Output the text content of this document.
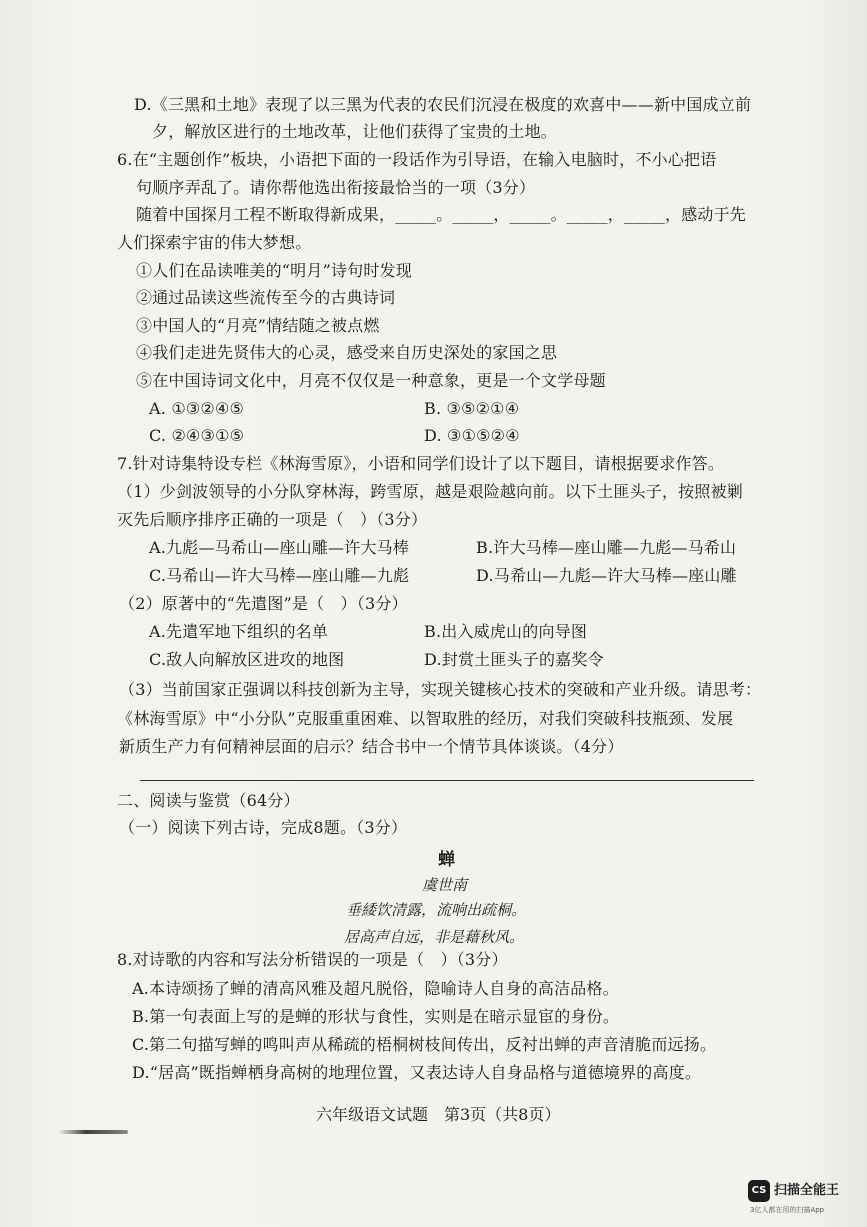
D.《三黑和土地》表现了以三黑为代表的农民们沉浸在极度的欢喜中——新中国成立前
夕，解放区进行的土地改革，让他们获得了宝贵的土地。
6.在“主题创作”板块，小语把下面的一段话作为引导语，在输入电脑时，不小心把语
句顺序弄乱了。请你帮他选出衔接最恰当的一项（3分）
随着中国探月工程不断取得新成果，_____。_____，_____。_____，_____，感动于先
人们探索宇宙的伟大梦想。
①人们在品读唯美的“明月”诗句时发现
②通过品读这些流传至今的古典诗词
③中国人的“月亮”情结随之被点燃
④我们走进先贤伟大的心灵，感受来自历史深处的家国之思
⑤在中国诗词文化中，月亮不仅仅是一种意象，更是一个文学母题
A. ①③②④⑤	B. ③⑤②①④
C. ②④③①⑤	D. ③①⑤②④
7.针对诗集特设专栏《林海雪原》，小语和同学们设计了以下题目，请根据要求作答。
（1）少剑波领导的小分队穿林海，跨雪原，越是艰险越向前。以下土匪头子，按照被剿
灭先后顺序排序正确的一项是（　）（3分）
A.九彪—马希山—座山雕—许大马棒	B.许大马棒—座山雕—九彪—马希山
C.马希山—许大马棒—座山雕—九彪	D.马希山—九彪—许大马棒—座山雕
（2）原著中的“先遣图”是（　）（3分）
A.先遣军地下组织的名单	B.出入威虎山的向导图
C.敌人向解放区进攻的地图	D.封赏土匪头子的嘉奖令
（3）当前国家正强调以科技创新为主导，实现关键核心技术的突破和产业升级。请思考：
《林海雪原》中“小分队”克服重重困难、以智取胜的经历，对我们突破科技瓶颈、发展
新质生产力有何精神层面的启示？结合书中一个情节具体谈谈。（4分）
二、阅读与鉴赏（64分）
（一）阅读下列古诗，完成8题。（3分）
蝉
虞世南
垂緌饮清露，流响出疏桐。
居高声自远，非是藉秋风。
8.对诗歌的内容和写法分析错误的一项是（　）（3分）
A.本诗颂扬了蝉的清高风雅及超凡脱俗，隐喻诗人自身的高洁品格。
B.第一句表面上写的是蝉的形状与食性，实则是在暗示显宦的身份。
C.第二句描写蝉的鸣叫声从稀疏的梧桐树枝间传出，反衬出蝉的声音清脆而远扬。
D.“居高”既指蝉栖身高树的地理位置，又表达诗人自身品格与道德境界的高度。
六年级语文试题　第3页（共8页）
CS 扫描全能王
3亿人都在用的扫描App
